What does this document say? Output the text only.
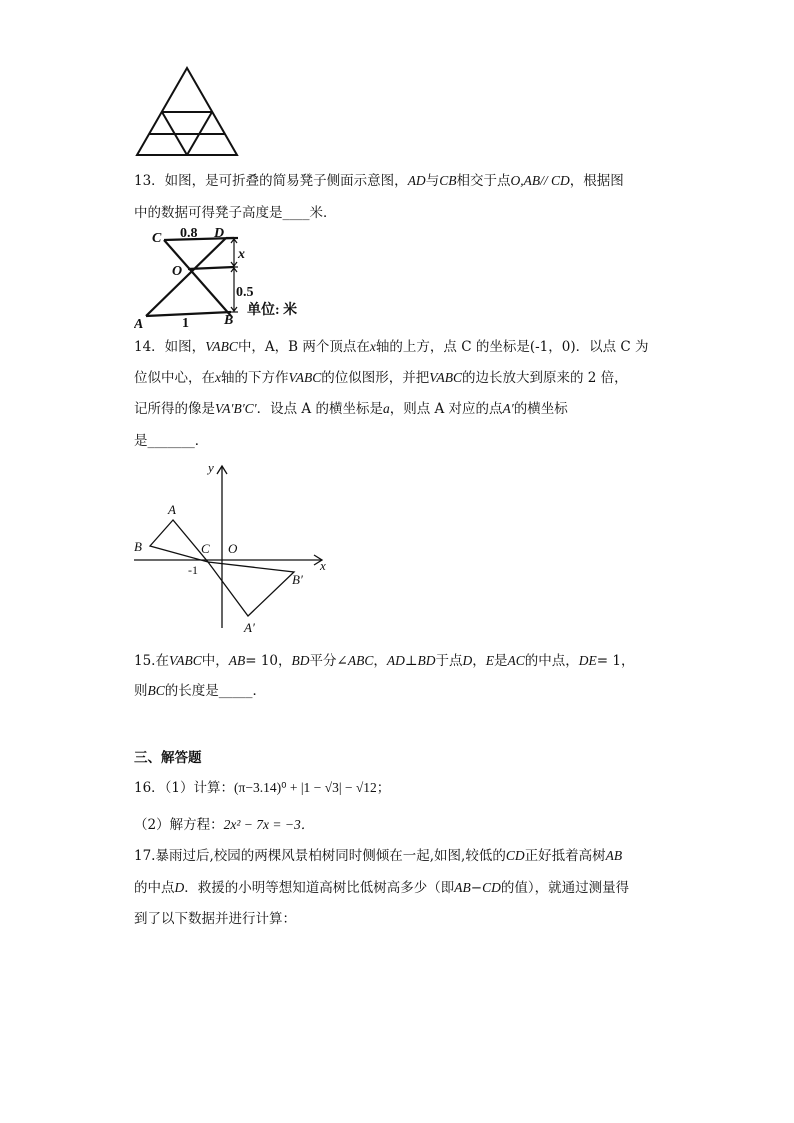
13．如图，是可折叠的简易凳子侧面示意图，AD与CB相交于点O,AB// CD，根据图
中的数据可得凳子高度是____米．
C 0.8 D
x
O
0.5
单位: 米
A	1	B
14．如图，VABC中，A，B 两个顶点在x轴的上方，点 C 的坐标是(-1，0)．以点 C 为
位似中心，在x轴的下方作VABC的位似图形，并把VABC的边长放大到原来的 2 倍，
记所得的像是VA′B′C′．设点 A 的横坐标是a，则点 A 对应的点A′的横坐标
是_______．
y
x
A
B	C O
B′
A′
-1
15.在VABC中，AB= 10，BD平分∠ABC，AD⊥BD于点D，E是AC的中点，DE= 1，
则BC的长度是_____．
三、解答题
16．（1）计算：(π−3.14)⁰ + |1 − √3| − √12；
（2）解方程：2x² − 7x = −3．
17.暴雨过后,校园的两棵风景柏树同时侧倾在一起,如图,较低的CD正好抵着高树AB
的中点D．救援的小明等想知道高树比低树高多少（即AB−CD的值），就通过测量得
到了以下数据并进行计算：
